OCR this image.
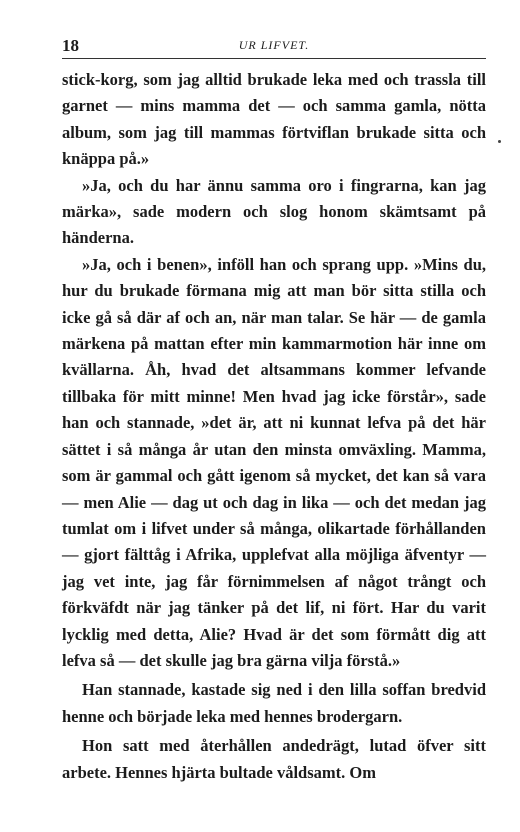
18	UR LIFVET.

stick-korg, som jag alltid brukade leka med och trassla till garnet — mins mamma det — och samma gamla, nötta album, som jag till mammas förtviflan brukade sitta och knäppa på.»

»Ja, och du har ännu samma oro i fingrarna, kan jag märka», sade modern och slog honom skämtsamt på händerna.

»Ja, och i benen», inföll han och sprang upp. »Mins du, hur du brukade förmana mig att man bör sitta stilla och icke gå så där af och an, när man talar. Se här — de gamla märkena på mattan efter min kammarmotion här inne om kvällarna. Åh, hvad det altsammans kommer lefvande tillbaka för mitt minne! Men hvad jag icke förstår», sade han och stannade, »det är, att ni kunnat lefva på det här sättet i så många år utan den minsta omväxling. Mamma, som är gammal och gått igenom så mycket, det kan så vara — men Alie — dag ut och dag in lika — och det medan jag tumlat om i lifvet under så många, olikartade förhållanden — gjort fälttåg i Afrika, upplefvat alla möjliga äfventyr — jag vet inte, jag får förnimmelsen af något trångt och förkväfdt när jag tänker på det lif, ni fört. Har du varit lycklig med detta, Alie? Hvad är det som förmått dig att lefva så — det skulle jag bra gärna vilja förstå.»

Han stannade, kastade sig ned i den lilla soffan bredvid henne och började leka med hennes brodergarn.

Hon satt med återhållen andedrägt, lutad öfver sitt arbete. Hennes hjärta bultade våldsamt. Om
